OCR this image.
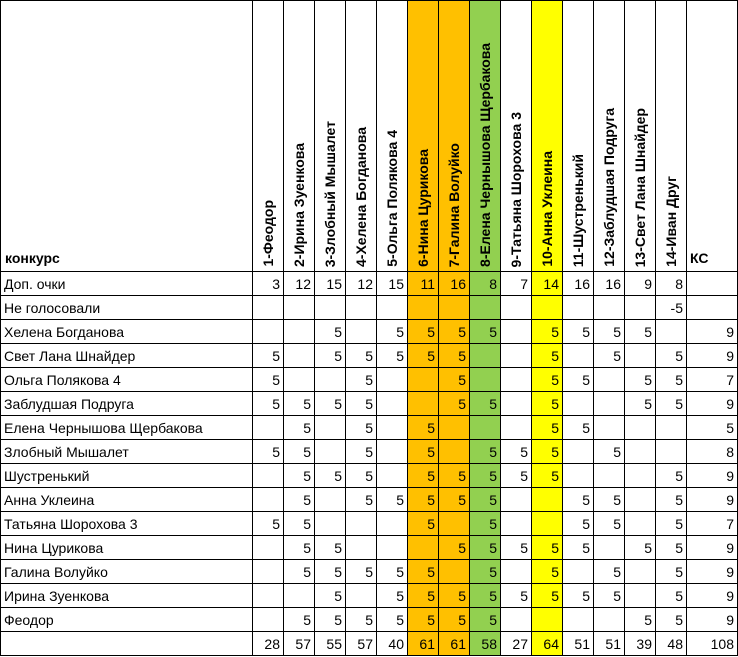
конкурс	1-Феодор	2-Ирина Зуенкова	3-Злобный Мышалет	4-Хелена Богданова	5-Ольга Полякова 4	6-Нина Цурикова	7-Галина Волуйко	8-Елена Чернышова Щербакова	9-Татьяна Шорохова 3	10-Анна Уклеина	11-Шустренький	12-Заблудшая Подруга	13-Свет Лана Шнайдер	14-Иван Друг	КС
Доп. очки	3	12	15	12	15	11	16	8	7	14	16	16	9	8	
Не голосовали														-5	
Хелена Богданова			5		5	5	5	5		5	5	5	5		9
Свет Лана Шнайдер	5		5	5	5	5	5			5		5		5	9
Ольга Полякова 4	5			5			5			5	5		5	5	7
Заблудшая Подруга	5	5	5	5			5	5		5			5	5	9
Елена Чернышова Щербакова		5		5		5				5	5				5
Злобный Мышалет	5	5		5		5		5	5	5		5			8
Шустренький		5	5	5		5	5	5	5	5				5	9
Анна Уклеина		5		5	5	5	5	5			5	5		5	9
Татьяна Шорохова 3	5	5				5		5			5	5		5	7
Нина Цурикова		5	5				5	5	5	5	5		5	5	9
Галина Волуйко		5	5	5	5	5		5		5		5		5	9
Ирина Зуенкова			5		5	5	5	5	5	5	5	5		5	9
Феодор		5	5	5	5	5	5	5					5	5	9
	28	57	55	57	40	61	61	58	27	64	51	51	39	48	108
